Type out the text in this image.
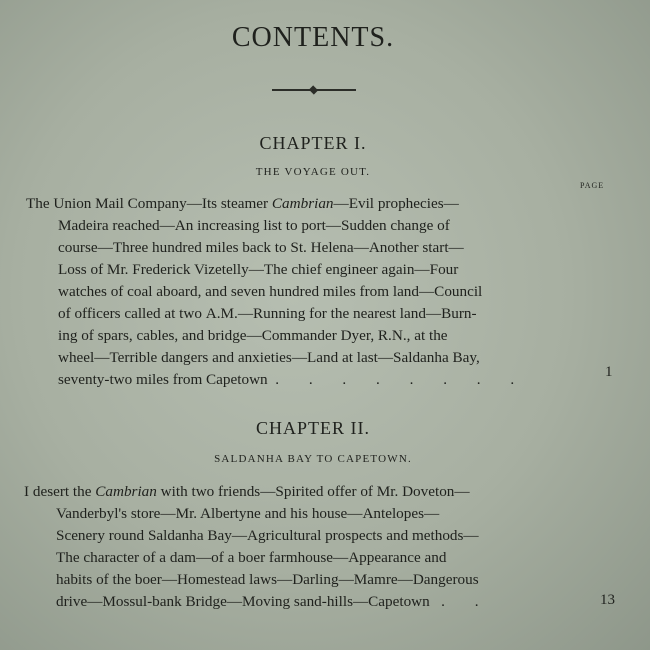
CONTENTS.
CHAPTER I.
THE VOYAGE OUT.
PAGE
The Union Mail Company—Its steamer Cambrian—Evil prophecies—
Madeira reached—An increasing list to port—Sudden change of
course—Three hundred miles back to St. Helena—Another start—
Loss of Mr. Frederick Vizetelly—The chief engineer again—Four
watches of coal aboard, and seven hundred miles from land—Council
of officers called at two A.M.—Running for the nearest land—Burn-
ing of spars, cables, and bridge—Commander Dyer, R.N., at the
wheel—Terrible dangers and anxieties—Land at last—Saldanha Bay,
seventy-two miles from Capetown . . . . . . . .	1
CHAPTER II.
SALDANHA BAY TO CAPETOWN.
I desert the Cambrian with two friends—Spirited offer of Mr. Doveton—
Vanderbyl's store—Mr. Albertyne and his house—Antelopes—
Scenery round Saldanha Bay—Agricultural prospects and methods—
The character of a dam—of a boer farmhouse—Appearance and
habits of the boer—Homestead laws—Darling—Mamre—Dangerous
drive—Mossul-bank Bridge—Moving sand-hills—Capetown . .	13
